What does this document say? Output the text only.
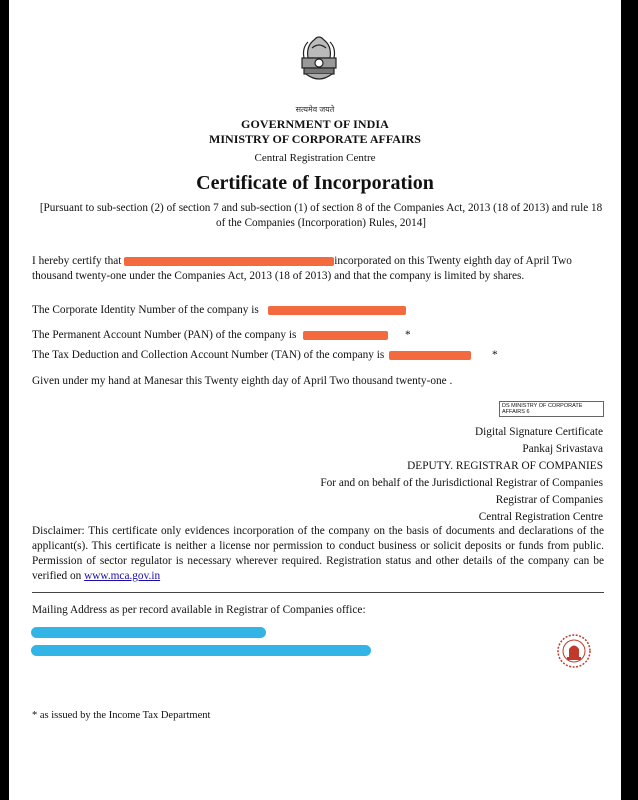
सत्यमेव जयते
GOVERNMENT OF INDIA
MINISTRY OF CORPORATE AFFAIRS
Central Registration Centre
Certificate of Incorporation
[Pursuant to sub-section (2) of section 7 and sub-section (1) of section 8 of the Companies Act, 2013 (18 of 2013) and rule 18 of the Companies (Incorporation) Rules, 2014]
I hereby certify that	incorporated on this Twenty eighth day of April Two thousand twenty-one under the Companies Act, 2013 (18 of 2013) and that the company is limited by shares.
The Corporate Identity Number of the company is
The Permanent Account Number (PAN) of the company is	*
The Tax Deduction and Collection Account Number (TAN) of the company is	*
Given under my hand at Manesar this Twenty eighth day of April Two thousand twenty-one .
DS MINISTRY OF CORPORATE AFFAIRS 6
Digital Signature Certificate
Pankaj Srivastava
DEPUTY. REGISTRAR OF COMPANIES
For and on behalf of the Jurisdictional Registrar of Companies
Registrar of Companies
Central Registration Centre
Disclaimer: This certificate only evidences incorporation of the company on the basis of documents and declarations of the applicant(s). This certificate is neither a license nor permission to conduct business or solicit deposits or funds from public. Permission of sector regulator is necessary wherever required. Registration status and other details of the company can be verified on www.mca.gov.in
Mailing Address as per record available in Registrar of Companies office:
* as issued by the Income Tax Department
